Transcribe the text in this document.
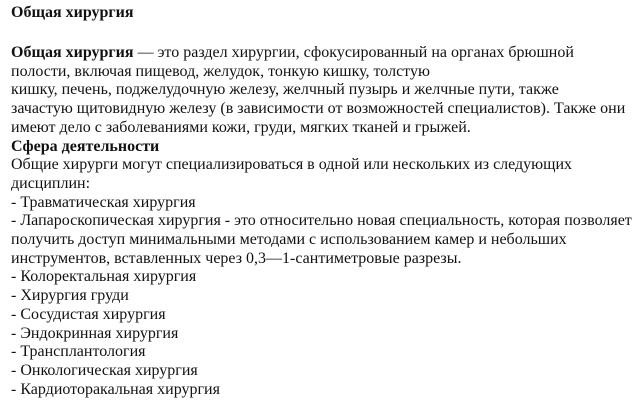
Общая хирургия
Общая хирургия — это раздел хирургии, сфокусированный на органах брюшной
полости, включая пищевод, желудок, тонкую кишку, толстую
кишку, печень, поджелудочную железу, желчный пузырь и желчные пути, также
зачастую щитовидную железу (в зависимости от возможностей специалистов). Также они
имеют дело с заболеваниями кожи, груди, мягких тканей и грыжей.
Сфера деятельности
Общие хирурги могут специализироваться в одной или нескольких из следующих
дисциплин:
- Травматическая хирургия
- Лапароскопическая хирургия - это относительно новая специальность, которая позволяет
получить доступ минимальными методами с использованием камер и небольших
инструментов, вставленных через 0,3—1-сантиметровые разрезы.
- Колоректальная хирургия
- Хирургия груди
- Сосудистая хирургия
- Эндокринная хирургия
- Трансплантология
- Онкологическая хирургия
- Кардиоторакальная хирургия
